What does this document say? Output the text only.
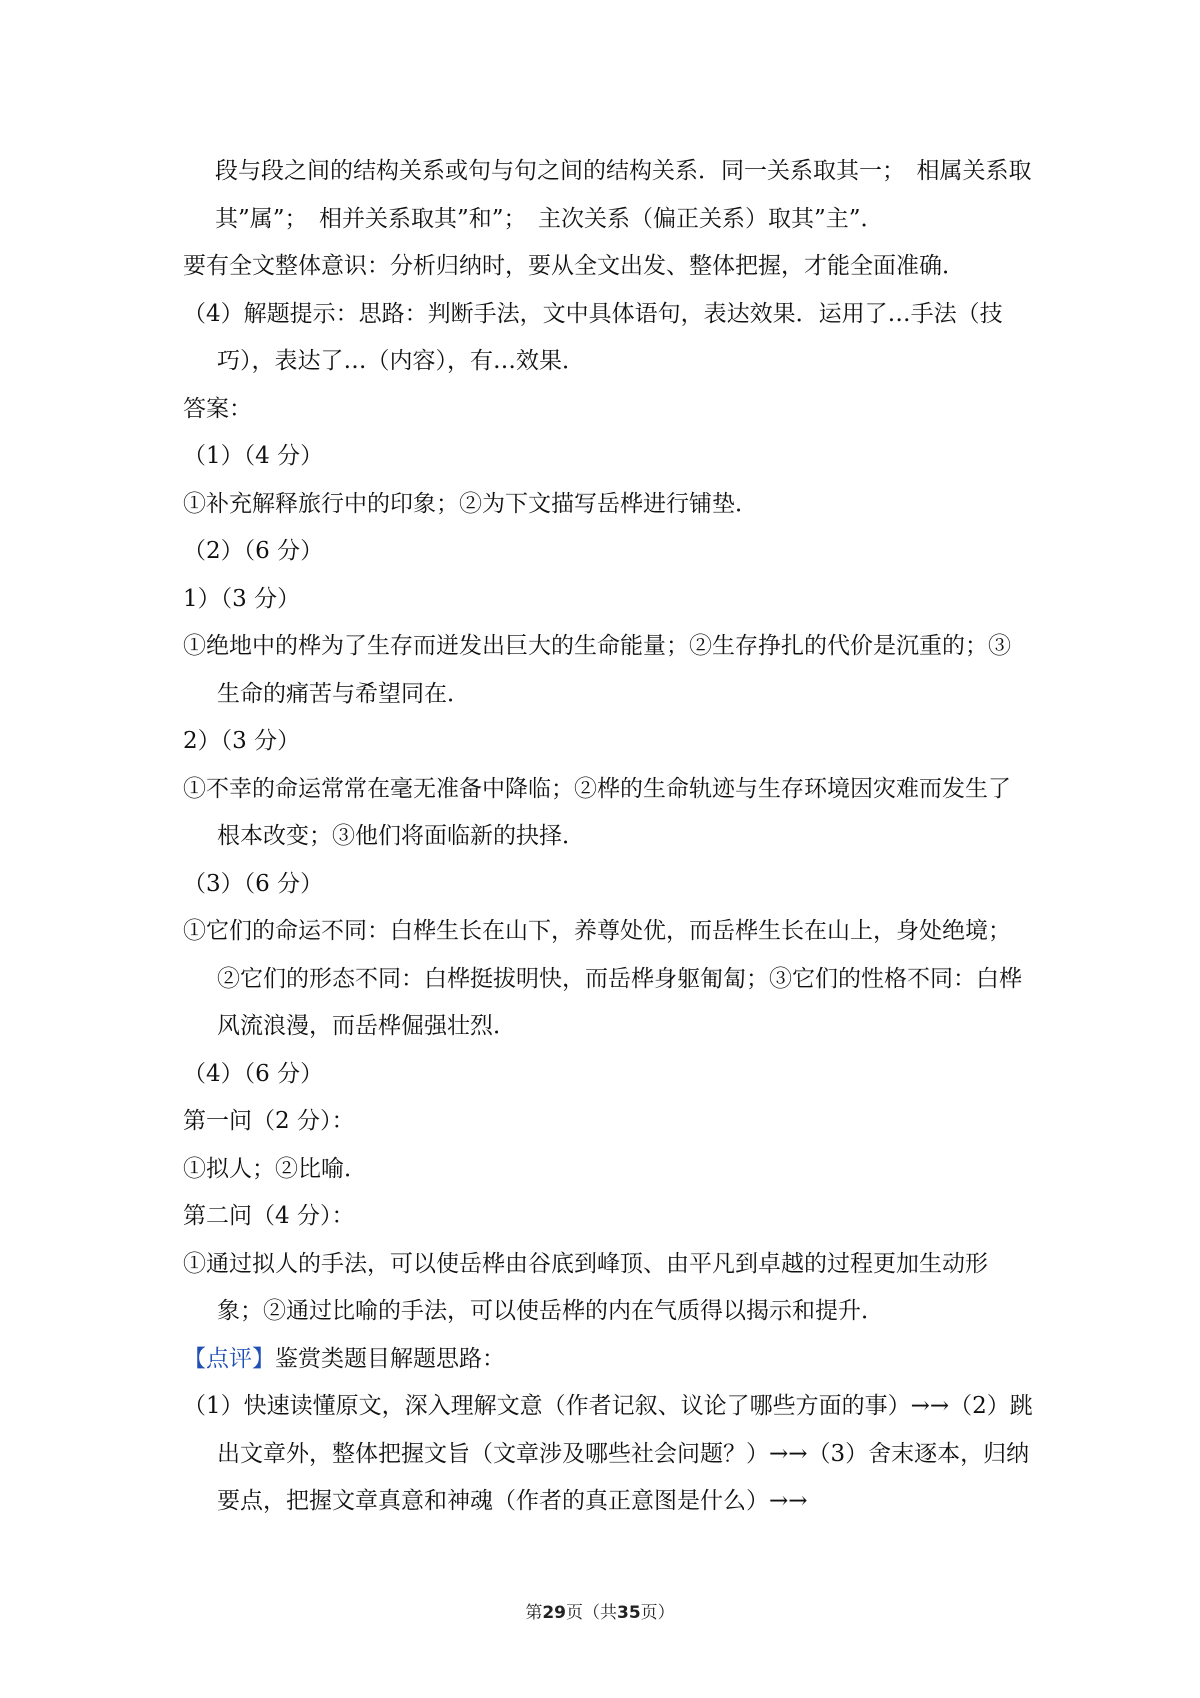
段与段之间的结构关系或句与句之间的结构关系．同一关系取其一；　相属关系取其”属”；　相并关系取其”和”；　主次关系（偏正关系）取其”主”．

要有全文整体意识：分析归纳时，要从全文出发、整体把握，才能全面准确．

（4）解题提示：思路：判断手法，文中具体语句，表达效果．运用了…手法（技巧），表达了…（内容），有…效果．

答案：

（1）（4 分）

①补充解释旅行中的印象；②为下文描写岳桦进行铺垫．

（2）（6 分）

1）（3 分）

①绝地中的桦为了生存而迸发出巨大的生命能量；②生存挣扎的代价是沉重的；③生命的痛苦与希望同在．

2）（3 分）

①不幸的命运常常在毫无准备中降临；②桦的生命轨迹与生存环境因灾难而发生了根本改变；③他们将面临新的抉择．

（3）（6 分）

①它们的命运不同：白桦生长在山下，养尊处优，而岳桦生长在山上，身处绝境；②它们的形态不同：白桦挺拔明快，而岳桦身躯匍匐；③它们的性格不同：白桦风流浪漫，而岳桦倔强壮烈．

（4）（6 分）

第一问（2 分）：

①拟人；②比喻．

第二问（4 分）：

①通过拟人的手法，可以使岳桦由谷底到峰顶、由平凡到卓越的过程更加生动形象；②通过比喻的手法，可以使岳桦的内在气质得以揭示和提升．

【点评】鉴赏类题目解题思路：

（1）快速读懂原文，深入理解文意（作者记叙、议论了哪些方面的事）→→（2）跳出文章外，整体把握文旨（文章涉及哪些社会问题？）→→（3）舍末逐本，归纳要点，把握文章真意和神魂（作者的真正意图是什么）→→

第29页（共35页）
